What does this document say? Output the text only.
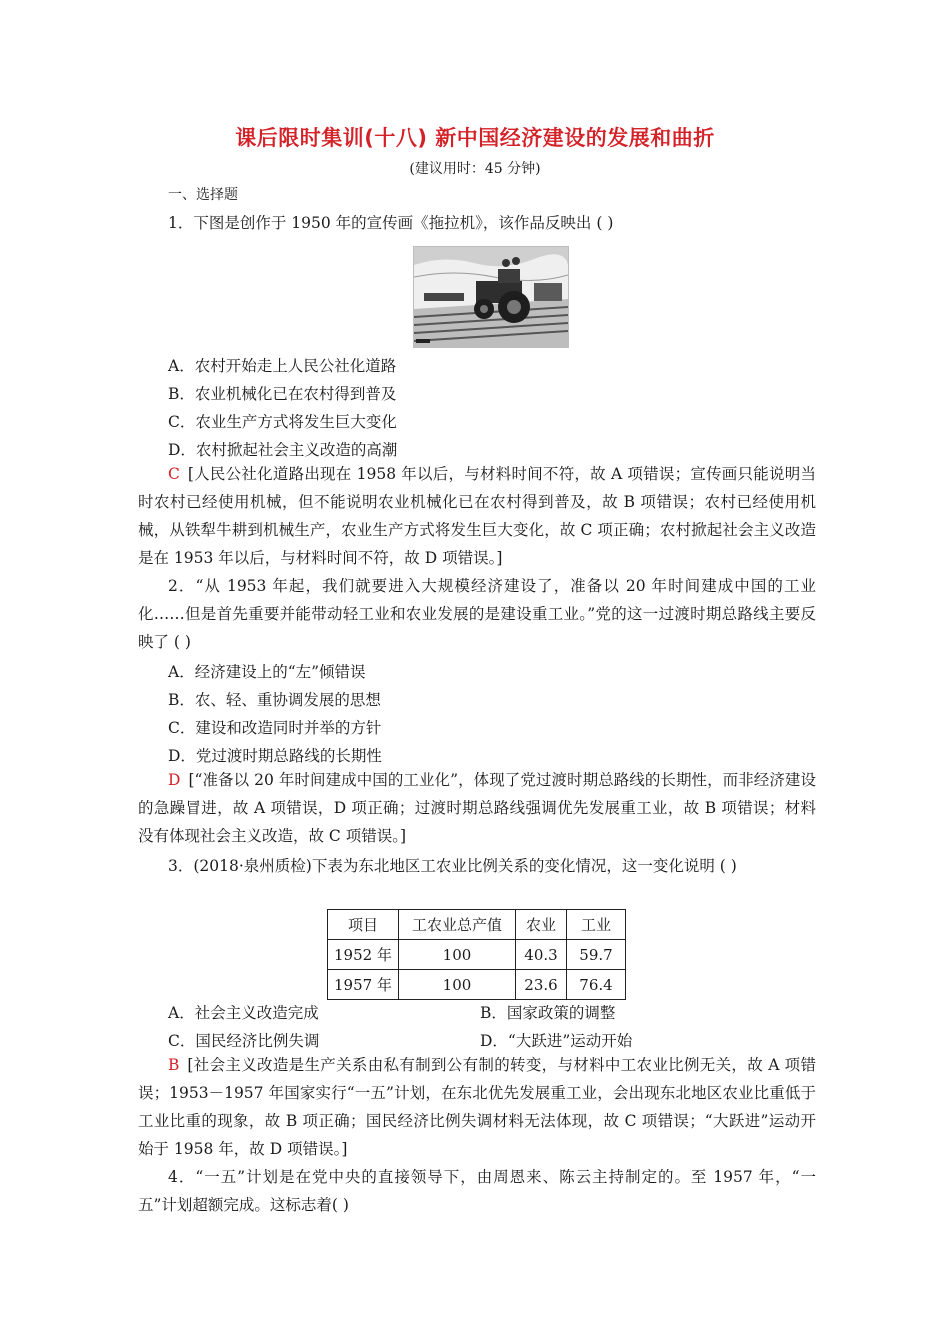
课后限时集训(十八) 新中国经济建设的发展和曲折
(建议用时：45 分钟)
一、选择题
1．下图是创作于 1950 年的宣传画《拖拉机》，该作品反映出 ( )
A．农村开始走上人民公社化道路
B．农业机械化已在农村得到普及
C．农业生产方式将发生巨大变化
D．农村掀起社会主义改造的高潮
C [人民公社化道路出现在 1958 年以后，与材料时间不符，故 A 项错误；宣传画只能说明当时农村已经使用机械，但不能说明农业机械化已在农村得到普及，故 B 项错误；农村已经使用机械，从铁犁牛耕到机械生产，农业生产方式将发生巨大变化，故 C 项正确；农村掀起社会主义改造是在 1953 年以后，与材料时间不符，故 D 项错误。]
2．“从 1953 年起，我们就要进入大规模经济建设了，准备以 20 年时间建成中国的工业化……但是首先重要并能带动轻工业和农业发展的是建设重工业。”党的这一过渡时期总路线主要反映了 ( )
A．经济建设上的“左”倾错误
B．农、轻、重协调发展的思想
C．建设和改造同时并举的方针
D．党过渡时期总路线的长期性
D [“准备以 20 年时间建成中国的工业化”，体现了党过渡时期总路线的长期性，而非经济建设的急躁冒进，故 A 项错误，D 项正确；过渡时期总路线强调优先发展重工业，故 B 项错误；材料没有体现社会主义改造，故 C 项错误。]
3．(2018·泉州质检)下表为东北地区工农业比例关系的变化情况，这一变化说明 ( )
项目	工农业总产值	农业	工业
1952 年	100	40.3	59.7
1957 年	100	23.6	76.4
A．社会主义改造完成	B．国家政策的调整
C．国民经济比例失调	D．“大跃进”运动开始
B [社会主义改造是生产关系由私有制到公有制的转变，与材料中工农业比例无关，故 A 项错误；1953－1957 年国家实行“一五”计划，在东北优先发展重工业，会出现东北地区农业比重低于工业比重的现象，故 B 项正确；国民经济比例失调材料无法体现，故 C 项错误；“大跃进”运动开始于 1958 年，故 D 项错误。]
4．“一五”计划是在党中央的直接领导下，由周恩来、陈云主持制定的。至 1957 年，“一五”计划超额完成。这标志着( )
